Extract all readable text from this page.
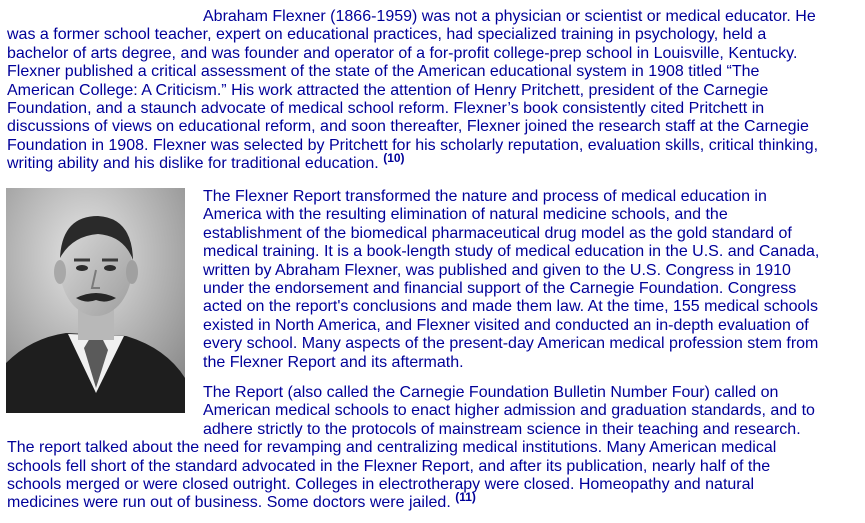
Abraham Flexner (1866-1959) was not a physician or scientist or medical educator. He was a former school teacher, expert on educational practices, had specialized training in psychology, held a bachelor of arts degree, and was founder and operator of a for-profit college-prep school in Louisville, Kentucky. Flexner published a critical assessment of the state of the American educational system in 1908 titled “The American College: A Criticism.” His work attracted the attention of Henry Pritchett, president of the Carnegie Foundation, and a staunch advocate of medical school reform. Flexner’s book consistently cited Pritchett in discussions of views on educational reform, and soon thereafter, Flexner joined the research staff at the Carnegie Foundation in 1908. Flexner was selected by Pritchett for his scholarly reputation, evaluation skills, critical thinking, writing ability and his dislike for traditional education. $^{(10)}$

The Flexner Report transformed the nature and process of medical education in America with the resulting elimination of natural medicine schools, and the establishment of the biomedical pharmaceutical drug model as the gold standard of medical training. It is a book-length study of medical education in the U.S. and Canada, written by Abraham Flexner, was published and given to the U.S. Congress in 1910 under the endorsement and financial support of the Carnegie Foundation. Congress acted on the report's conclusions and made them law. At the time, 155 medical schools existed in North America, and Flexner visited and conducted an in-depth evaluation of every school. Many aspects of the present-day American medical profession stem from the Flexner Report and its aftermath.

The Report (also called the Carnegie Foundation Bulletin Number Four) called on American medical schools to enact higher admission and graduation standards, and to adhere strictly to the protocols of mainstream science in their teaching and research. The report talked about the need for revamping and centralizing medical institutions. Many American medical schools fell short of the standard advocated in the Flexner Report, and after its publication, nearly half of the schools merged or were closed outright. Colleges in electrotherapy were closed. Homeopathy and natural medicines were run out of business. Some doctors were jailed. $^{(11)}$
